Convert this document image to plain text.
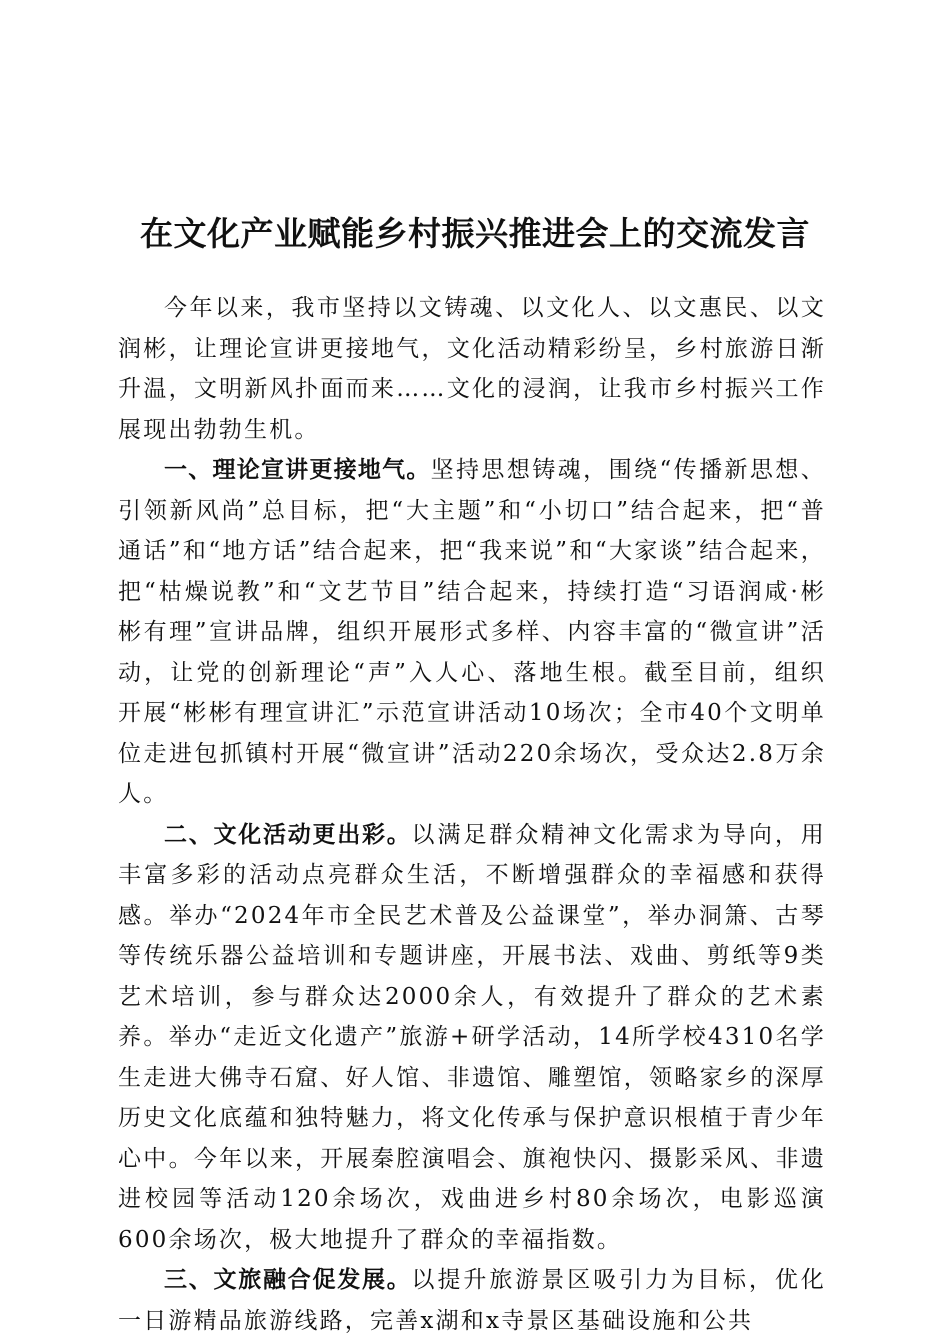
在文化产业赋能乡村振兴推进会上的交流发言

今年以来，我市坚持以文铸魂、以文化人、以文惠民、以文润彬，让理论宣讲更接地气，文化活动精彩纷呈，乡村旅游日渐升温，文明新风扑面而来……文化的浸润，让我市乡村振兴工作展现出勃勃生机。

一、理论宣讲更接地气。坚持思想铸魂，围绕“传播新思想、引领新风尚”总目标，把“大主题”和“小切口”结合起来，把“普通话”和“地方话”结合起来，把“我来说”和“大家谈”结合起来，把“枯燥说教”和“文艺节目”结合起来，持续打造“习语润咸·彬彬有理”宣讲品牌，组织开展形式多样、内容丰富的“微宣讲”活动，让党的创新理论“声”入人心、落地生根。截至目前，组织开展“彬彬有理宣讲汇”示范宣讲活动10场次；全市40个文明单位走进包抓镇村开展“微宣讲”活动220余场次，受众达2.8万余人。

二、文化活动更出彩。以满足群众精神文化需求为导向，用丰富多彩的活动点亮群众生活，不断增强群众的幸福感和获得感。举办“2024年市全民艺术普及公益课堂”，举办洞箫、古琴等传统乐器公益培训和专题讲座，开展书法、戏曲、剪纸等9类艺术培训，参与群众达2000余人，有效提升了群众的艺术素养。举办“走近文化遗产”旅游+研学活动，14所学校4310名学生走进大佛寺石窟、好人馆、非遗馆、雕塑馆，领略家乡的深厚历史文化底蕴和独特魅力，将文化传承与保护意识根植于青少年心中。今年以来，开展秦腔演唱会、旗袍快闪、摄影采风、非遗进校园等活动120余场次，戏曲进乡村80余场次，电影巡演600余场次，极大地提升了群众的幸福指数。

三、文旅融合促发展。以提升旅游景区吸引力为目标，优化一日游精品旅游线路，完善x湖和x寺景区基础设施和公共
